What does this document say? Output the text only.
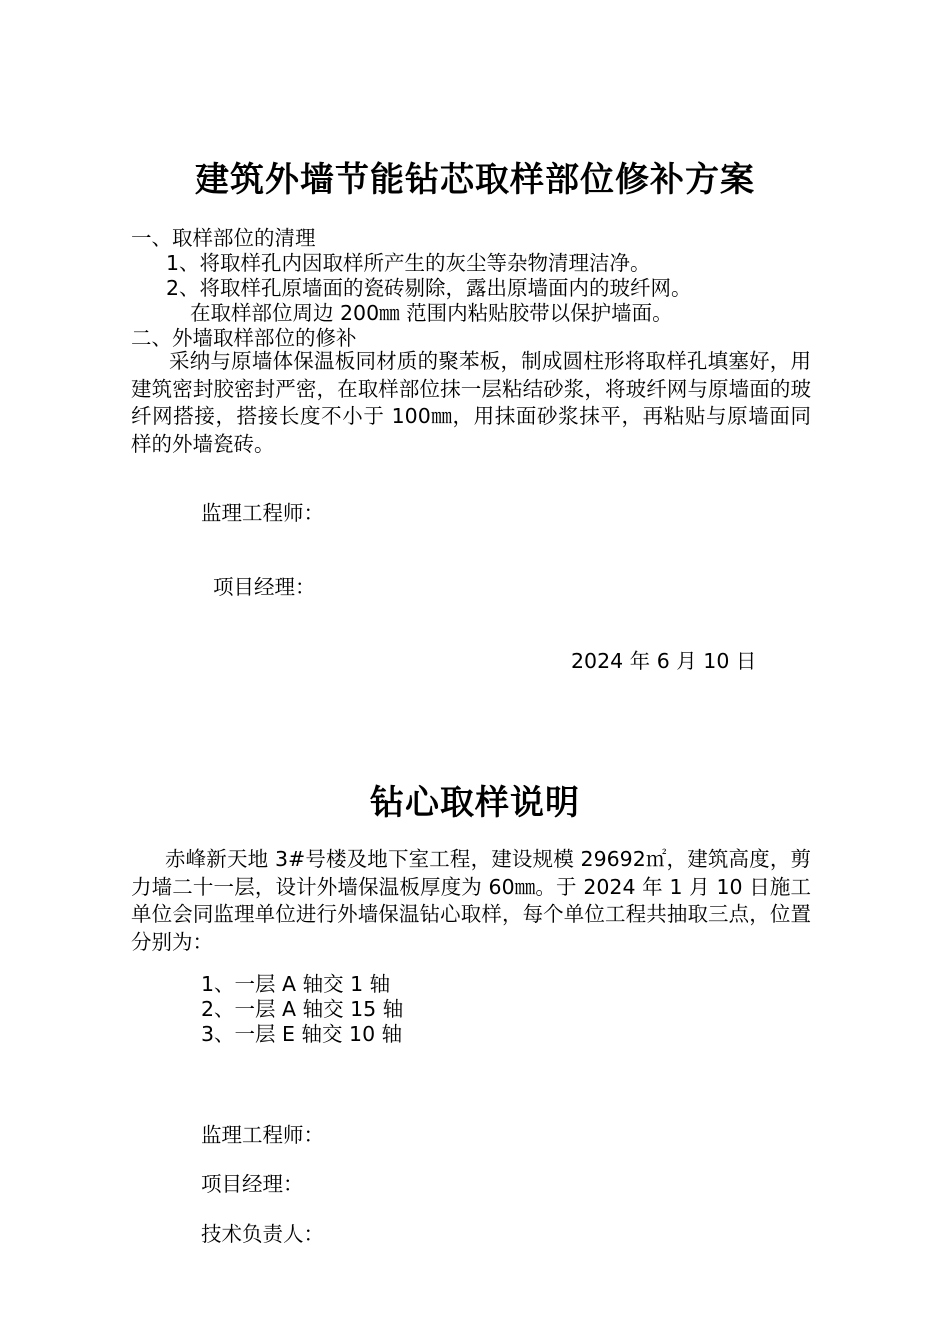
建筑外墙节能钻芯取样部位修补方案
一、取样部位的清理
1、将取样孔内因取样所产生的灰尘等杂物清理洁净。
2、将取样孔原墙面的瓷砖剔除，露出原墙面内的玻纤网。
在取样部位周边 200㎜ 范围内粘贴胶带以保护墙面。
二、外墙取样部位的修补
采纳与原墙体保温板同材质的聚苯板，制成圆柱形将取样孔填塞好，用建筑密封胶密封严密，在取样部位抹一层粘结砂浆，将玻纤网与原墙面的玻纤网搭接，搭接长度不小于 100㎜，用抹面砂浆抹平，再粘贴与原墙面同样的外墙瓷砖。
监理工程师：
项目经理：
2024 年 6 月 10 日
钻心取样说明
赤峰新天地 3#号楼及地下室工程，建设规模 29692㎡，建筑高度，剪力墙二十一层，设计外墙保温板厚度为 60㎜。于 2024 年 1 月 10 日施工单位会同监理单位进行外墙保温钻心取样，每个单位工程共抽取三点，位置分别为：
1、一层 A 轴交 1 轴
2、一层 A 轴交 15 轴
3、一层 E 轴交 10 轴
监理工程师：
项目经理：
技术负责人：
